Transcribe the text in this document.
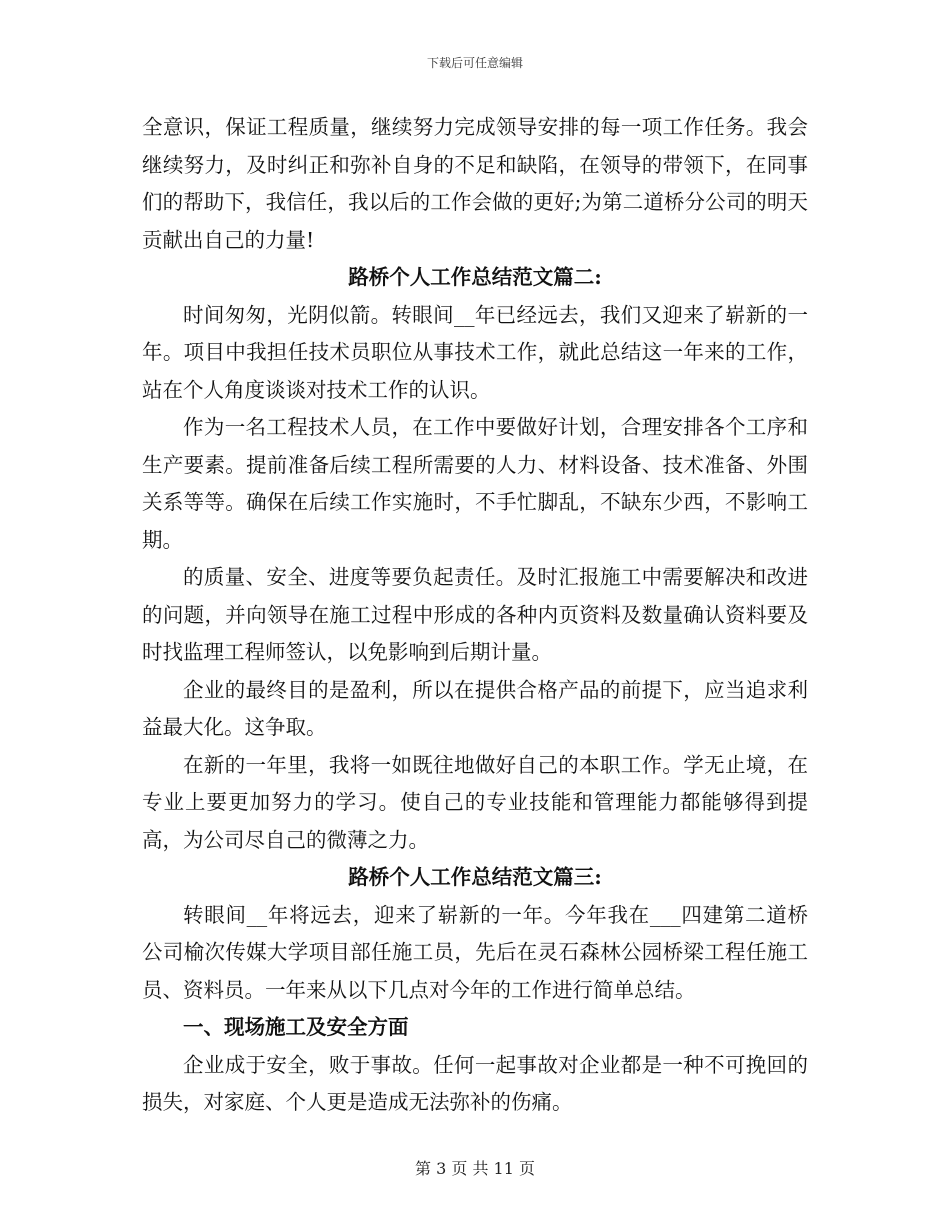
下载后可任意编辑

全意识，保证工程质量，继续努力完成领导安排的每一项工作任务。我会继续努力，及时纠正和弥补自身的不足和缺陷，在领导的带领下，在同事们的帮助下，我信任，我以后的工作会做的更好;为第二道桥分公司的明天贡献出自己的力量!

路桥个人工作总结范文篇二:

时间匆匆，光阴似箭。转眼间__年已经远去，我们又迎来了崭新的一年。项目中我担任技术员职位从事技术工作，就此总结这一年来的工作，站在个人角度谈谈对技术工作的认识。

作为一名工程技术人员，在工作中要做好计划，合理安排各个工序和生产要素。提前准备后续工程所需要的人力、材料设备、技术准备、外围关系等等。确保在后续工作实施时，不手忙脚乱，不缺东少西，不影响工期。

的质量、安全、进度等要负起责任。及时汇报施工中需要解决和改进的问题，并向领导在施工过程中形成的各种内页资料及数量确认资料要及时找监理工程师签认，以免影响到后期计量。

企业的最终目的是盈利，所以在提供合格产品的前提下，应当追求利益最大化。这争取。

在新的一年里，我将一如既往地做好自己的本职工作。学无止境，在专业上要更加努力的学习。使自己的专业技能和管理能力都能够得到提高，为公司尽自己的微薄之力。

路桥个人工作总结范文篇三:

转眼间__年将远去，迎来了崭新的一年。今年我在___四建第二道桥公司榆次传媒大学项目部任施工员，先后在灵石森林公园桥梁工程任施工员、资料员。一年来从以下几点对今年的工作进行简单总结。

一、现场施工及安全方面

企业成于安全，败于事故。任何一起事故对企业都是一种不可挽回的损失，对家庭、个人更是造成无法弥补的伤痛。

第 3 页 共 11 页
